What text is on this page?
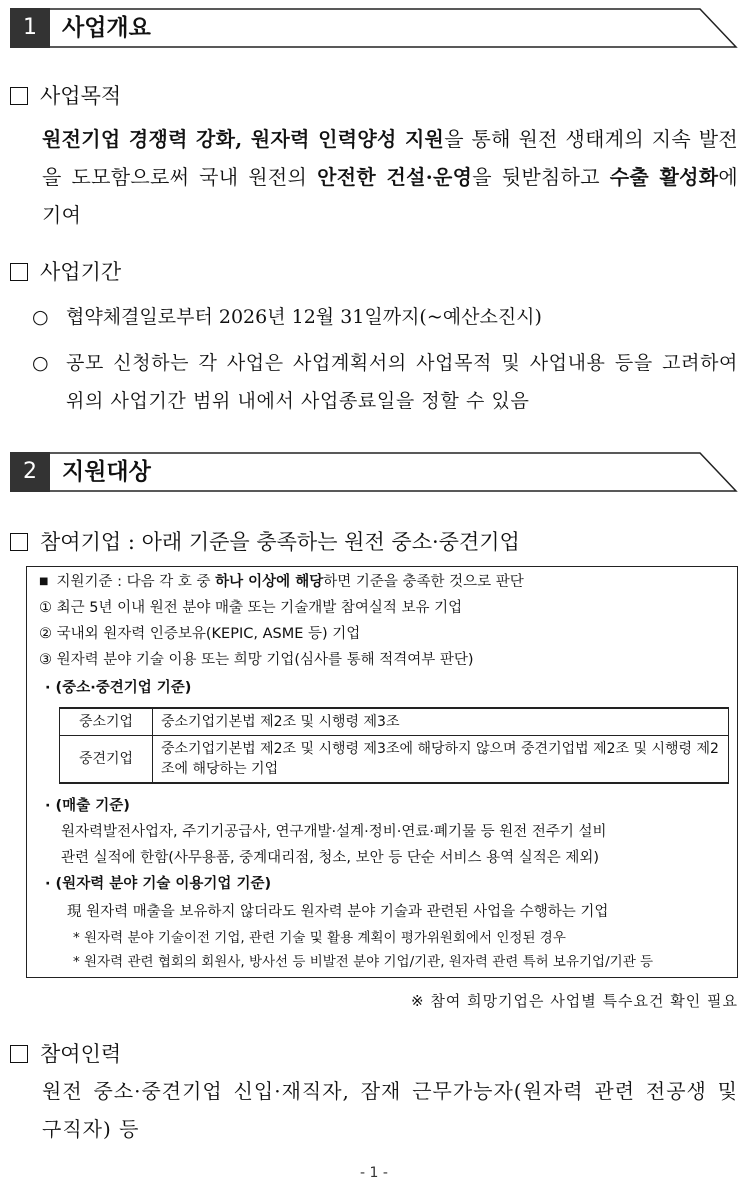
1	사업개요
사업목적
원전기업 경쟁력 강화, 원자력 인력양성 지원을 통해 원전 생태계의 지속 발전을 도모함으로써 국내 원전의 안전한 건설·운영을 뒷받침하고 수출 활성화에 기여
사업기간
○ 협약체결일로부터 2026년 12월 31일까지(~예산소진시)
○ 공모 신청하는 각 사업은 사업계획서의 사업목적 및 사업내용 등을 고려하여 위의 사업기간 범위 내에서 사업종료일을 정할 수 있음
2	지원대상
참여기업 : 아래 기준을 충족하는 원전 중소·중견기업
■ 지원기준 : 다음 각 호 중 하나 이상에 해당하면 기준을 충족한 것으로 판단
① 최근 5년 이내 원전 분야 매출 또는 기술개발 참여실적 보유 기업
② 국내외 원자력 인증보유(KEPIC, ASME 등) 기업
③ 원자력 분야 기술 이용 또는 희망 기업(심사를 통해 적격여부 판단)
· (중소·중견기업 기준)
중소기업	중소기업기본법 제2조 및 시행령 제3조
중견기업	중소기업기본법 제2조 및 시행령 제3조에 해당하지 않으며 중견기업법 제2조 및 시행령 제2조에 해당하는 기업
· (매출 기준)
원자력발전사업자, 주기기공급사, 연구개발·설계·정비·연료·폐기물 등 원전 전주기 설비
관련 실적에 한함(사무용품, 중계대리점, 청소, 보안 등 단순 서비스 용역 실적은 제외)
· (원자력 분야 기술 이용기업 기준)
現 원자력 매출을 보유하지 않더라도 원자력 분야 기술과 관련된 사업을 수행하는 기업
* 원자력 분야 기술이전 기업, 관련 기술 및 활용 계획이 평가위원회에서 인정된 경우
* 원자력 관련 협회의 회원사, 방사선 등 비발전 분야 기업/기관, 원자력 관련 특허 보유기업/기관 등
※ 참여 희망기업은 사업별 특수요건 확인 필요
참여인력
원전 중소·중견기업 신입·재직자, 잠재 근무가능자(원자력 관련 전공생 및 구직자) 등
- 1 -
